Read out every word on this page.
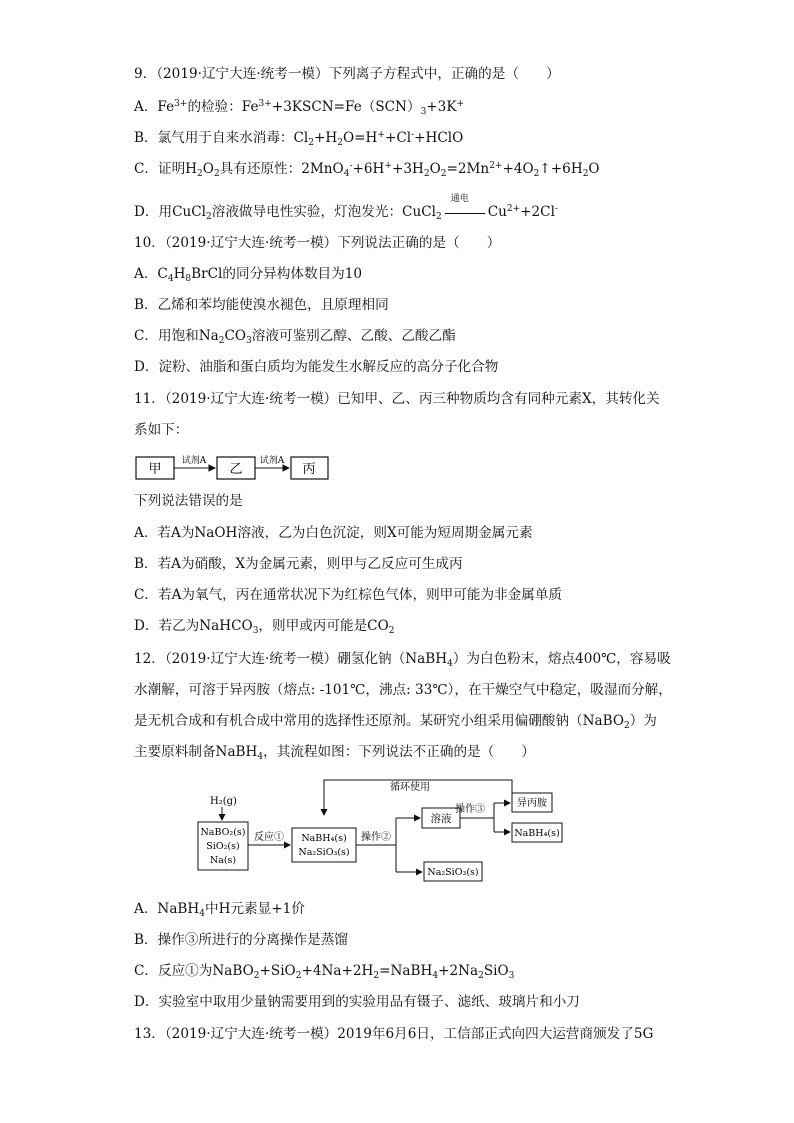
9．（2019·辽宁大连·统考一模）下列离子方程式中，正确的是（　　）
A．$Fe^{3+}$的检验：$Fe^{3+}+3KSCN=Fe(SCN)_3+3K^+$
B．氯气用于自来水消毒：$Cl_2+H_2O=H^++Cl^-+HClO$
C．证明$H_2O_2$具有还原性：$2MnO_4^-+6H^++3H_2O_2=2Mn^{2+}+4O_2↑+6H_2O$
D．用CuCl$_2$溶液做导电性实验，灯泡发光：CuCl$_2$
通电
$Cu^{2+}+2Cl^-$
10．（2019·辽宁大连·统考一模）下列说法正确的是（　　）
A．$C_4H_8BrCl$的同分异构体数目为10
B．乙烯和苯均能使溴水褪色，且原理相同
C．用饱和$Na_2CO_3$溶液可鉴别乙醇、乙酸、乙酸乙酯
D．淀粉、油脂和蛋白质均为能发生水解反应的高分子化合物
11．（2019·辽宁大连·统考一模）已知甲、乙、丙三种物质均含有同种元素X，其转化关
系如下：
甲
试剂A
乙
试剂A
丙
下列说法错误的是
A．若A为NaOH溶液，乙为白色沉淀，则X可能为短周期金属元素
B．若A为硝酸，X为金属元素，则甲与乙反应可生成丙
C．若A为氧气，丙在通常状况下为红棕色气体，则甲可能为非金属单质
D．若乙为NaHCO$_3$，则甲或丙可能是$CO_2$
12．（2019·辽宁大连·统考一模）硼氢化钠（NaBH$_4$）为白色粉末，熔点400℃，容易吸
水潮解，可溶于异丙胺（熔点: -101℃，沸点: 33℃），在干燥空气中稳定，吸湿而分解，
是无机合成和有机合成中常用的选择性还原剂。某研究小组采用偏硼酸钠（NaBO$_2$）为
主要原料制备NaBH$_4$，其流程如图：下列说法不正确的是（　　）
循环使用
H₂(g)
NaBO₂(s)
SiO₂(s)
Na(s)
反应① NaBH₄(s)
Na₂SiO₃(s)
操作②
溶液
操作③
异丙胺
NaBH₄(s)
Na₂SiO₃(s)
A．NaBH$_4$中H元素显+1价
B．操作③所进行的分离操作是蒸馏
C．反应①为$NaBO_2+SiO_2+4Na+2H_2=NaBH_4+2Na_2SiO_3$
D．实验室中取用少量钠需要用到的实验用品有镊子、滤纸、玻璃片和小刀
13．（2019·辽宁大连·统考一模）2019年6月6日，工信部正式向四大运营商颁发了5G
